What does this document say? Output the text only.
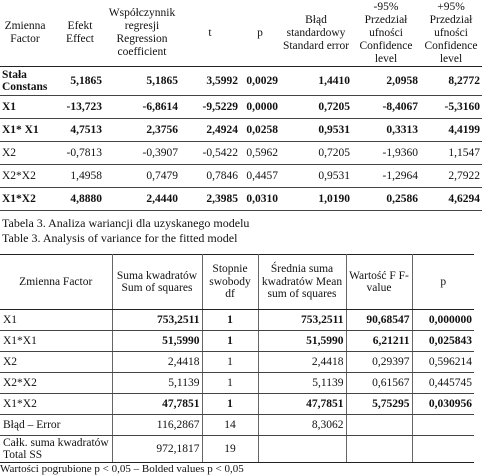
Zmienna Factor	Efekt Effect	Współczynnik regresji Regression coefficient	t	p	Błąd standardowy Standard error	-95% Przedział ufności Confidence level	+95% Przedział ufności Confidence level
Stała Constans	5,1865	5,1865	3,5992	0,0029	1,4410	2,0958	8,2772
X1	-13,723	-6,8614	-9,5229	0,0000	0,7205	-8,4067	-5,3160
X1* X1	4,7513	2,3756	2,4924	0,0258	0,9531	0,3313	4,4199
X2	-0,7813	-0,3907	-0,5422	0,5962	0,7205	-1,9360	1,1547
X2*X2	1,4958	0,7479	0,7846	0,4457	0,9531	-1,2964	2,7922
X1*X2	4,8880	2,4440	2,3985	0,0310	1,0190	0,2586	4,6294
Tabela 3. Analiza wariancji dla uzyskanego modelu
Table 3. Analysis of variance for the fitted model
Zmienna Factor	Suma kwadratów Sum of squares	Stopnie swobody df	Średnia suma kwadratów Mean sum of squares	Wartość F F- value	p
X1	753,2511	1	753,2511	90,68547	0,000000
X1*X1	51,5990	1	51,5990	6,21211	0,025843
X2	2,4418	1	2,4418	0,29397	0,596214
X2*X2	5,1139	1	5,1139	0,61567	0,445745
X1*X2	47,7851	1	47,7851	5,75295	0,030956
Błąd – Error	116,2867	14	8,3062		
Całk. suma kwadratów Total SS	972,1817	19			
Wartości pogrubione p < 0,05 – Bolded values p < 0,05
